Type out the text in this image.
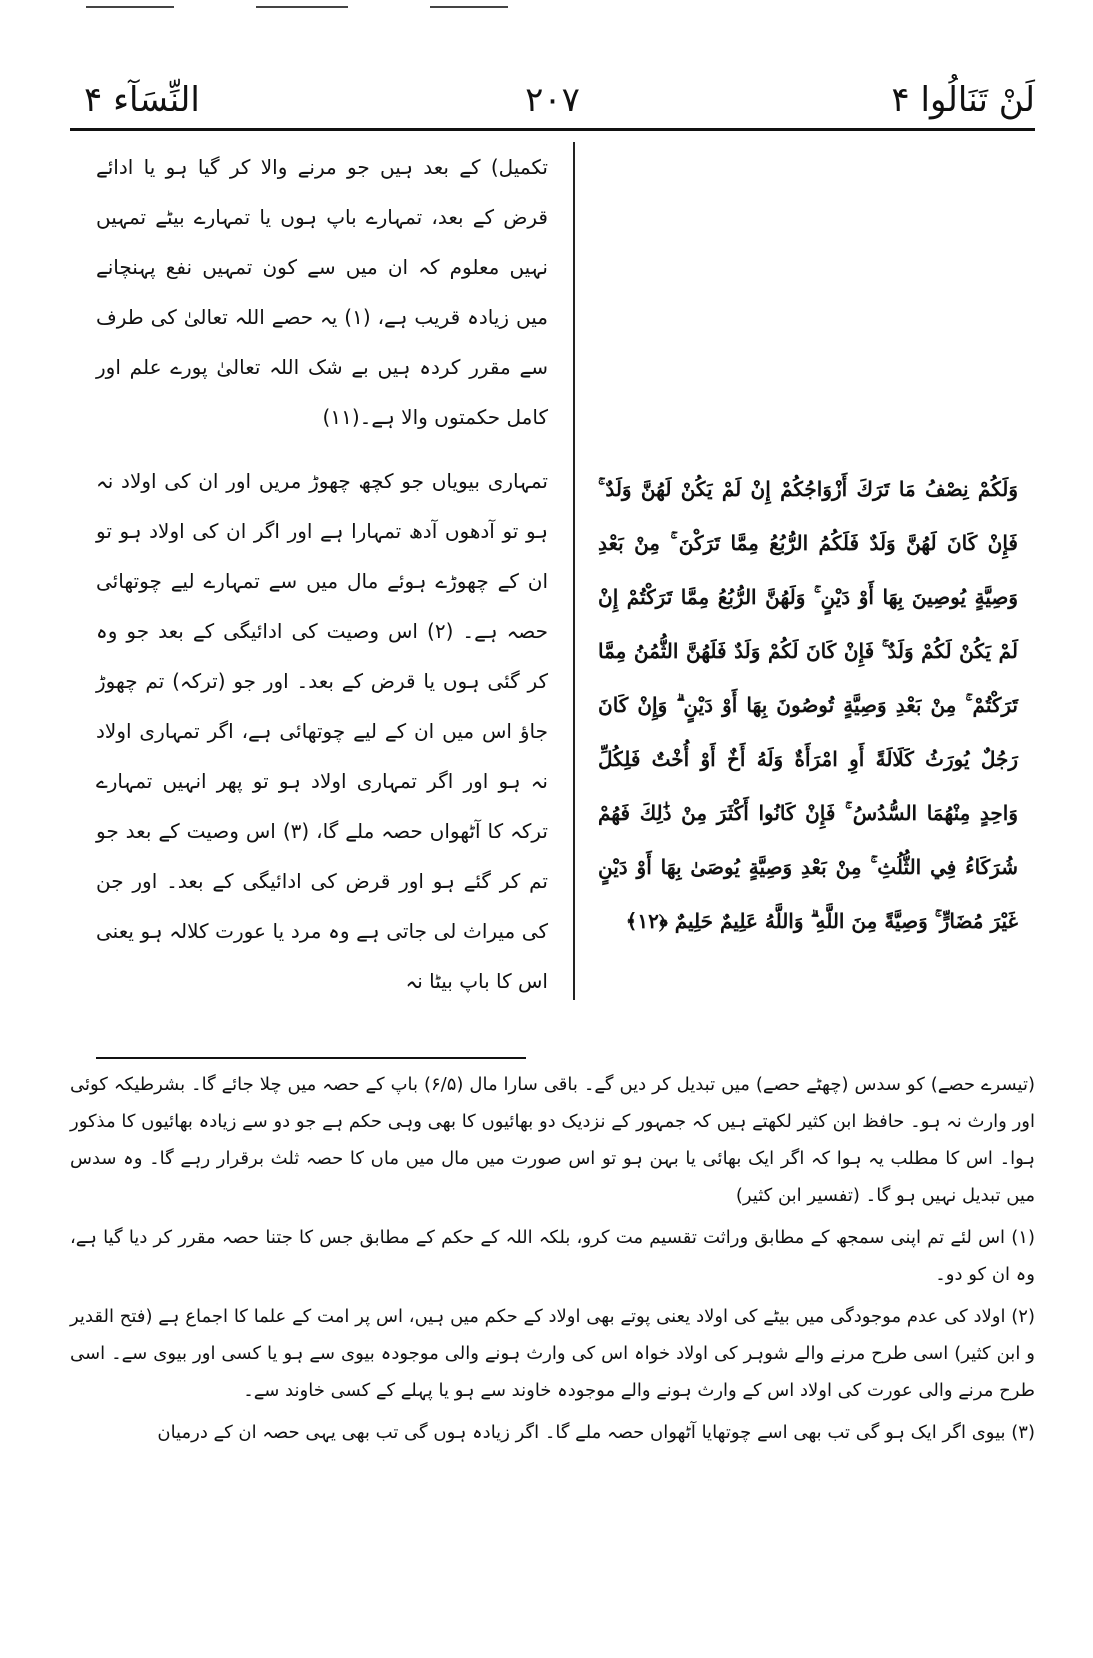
لَنْ تَنَالُوا ۴
۲۰۷
النِّسَآء ۴

تکمیل) کے بعد ہیں جو مرنے والا کر گیا ہو یا ادائے قرض کے بعد، تمہارے باپ ہوں یا تمہارے بیٹے تمہیں نہیں معلوم کہ ان میں سے کون تمہیں نفع پہنچانے میں زیادہ قریب ہے، (۱) یہ حصے اللہ تعالیٰ کی طرف سے مقرر کردہ ہیں بے شک اللہ تعالیٰ پورے علم اور کامل حکمتوں والا ہے۔(۱۱)

تمہاری بیویاں جو کچھ چھوڑ مریں اور ان کی اولاد نہ ہو تو آدھوں آدھ تمہارا ہے اور اگر ان کی اولاد ہو تو ان کے چھوڑے ہوئے مال میں سے تمہارے لیے چوتھائی حصہ ہے۔ (۲) اس وصیت کی ادائیگی کے بعد جو وہ کر گئی ہوں یا قرض کے بعد۔ اور جو (ترکہ) تم چھوڑ جاؤ اس میں ان کے لیے چوتھائی ہے، اگر تمہاری اولاد نہ ہو اور اگر تمہاری اولاد ہو تو پھر انہیں تمہارے ترکہ کا آٹھواں حصہ ملے گا، (۳) اس وصیت کے بعد جو تم کر گئے ہو اور قرض کی ادائیگی کے بعد۔ اور جن کی میراث لی جاتی ہے وہ مرد یا عورت کلالہ ہو یعنی اس کا باپ بیٹا نہ

وَلَكُمْ نِصْفُ مَا تَرَكَ أَزْوَاجُكُمْ إِنْ لَمْ يَكُنْ لَهُنَّ وَلَدٌ ۚ فَإِنْ كَانَ لَهُنَّ وَلَدٌ فَلَكُمُ الرُّبُعُ مِمَّا تَرَكْنَ ۚ مِنْ بَعْدِ وَصِيَّةٍ يُوصِينَ بِهَا أَوْ دَيْنٍ ۚ وَلَهُنَّ الرُّبُعُ مِمَّا تَرَكْتُمْ إِنْ لَمْ يَكُنْ لَكُمْ وَلَدٌ ۚ فَإِنْ كَانَ لَكُمْ وَلَدٌ فَلَهُنَّ الثُّمُنُ مِمَّا تَرَكْتُمْ ۚ مِنْ بَعْدِ وَصِيَّةٍ تُوصُونَ بِهَا أَوْ دَيْنٍ ۗ وَإِنْ كَانَ رَجُلٌ يُورَثُ كَلَالَةً أَوِ امْرَأَةٌ وَلَهُ أَخٌ أَوْ أُخْتٌ فَلِكُلِّ وَاحِدٍ مِنْهُمَا السُّدُسُ ۚ فَإِنْ كَانُوا أَكْثَرَ مِنْ ذَٰلِكَ فَهُمْ شُرَكَاءُ فِي الثُّلُثِ ۚ مِنْ بَعْدِ وَصِيَّةٍ يُوصَىٰ بِهَا أَوْ دَيْنٍ غَيْرَ مُضَارٍّ ۚ وَصِيَّةً مِنَ اللَّهِ ۗ وَاللَّهُ عَلِيمٌ حَلِيمٌ ﴿١٢﴾

(تیسرے حصے) کو سدس (چھٹے حصے) میں تبدیل کر دیں گے۔ باقی سارا مال (۶/۵) باپ کے حصہ میں چلا جائے گا۔ بشرطیکہ کوئی اور وارث نہ ہو۔ حافظ ابن کثیر لکھتے ہیں کہ جمہور کے نزدیک دو بھائیوں کا بھی وہی حکم ہے جو دو سے زیادہ بھائیوں کا مذکور ہوا۔ اس کا مطلب یہ ہوا کہ اگر ایک بھائی یا بہن ہو تو اس صورت میں مال میں ماں کا حصہ ثلث برقرار رہے گا۔ وہ سدس میں تبدیل نہیں ہو گا۔ (تفسیر ابن کثیر)

(۱) اس لئے تم اپنی سمجھ کے مطابق وراثت تقسیم مت کرو، بلکہ اللہ کے حکم کے مطابق جس کا جتنا حصہ مقرر کر دیا گیا ہے، وہ ان کو دو۔

(۲) اولاد کی عدم موجودگی میں بیٹے کی اولاد یعنی پوتے بھی اولاد کے حکم میں ہیں، اس پر امت کے علما کا اجماع ہے (فتح القدیر و ابن کثیر) اسی طرح مرنے والے شوہر کی اولاد خواہ اس کی وارث ہونے والی موجودہ بیوی سے ہو یا کسی اور بیوی سے۔ اسی طرح مرنے والی عورت کی اولاد اس کے وارث ہونے والے موجودہ خاوند سے ہو یا پہلے کے کسی خاوند سے۔

(۳) بیوی اگر ایک ہو گی تب بھی اسے چوتھایا آٹھواں حصہ ملے گا۔ اگر زیادہ ہوں گی تب بھی یہی حصہ ان کے درمیان
